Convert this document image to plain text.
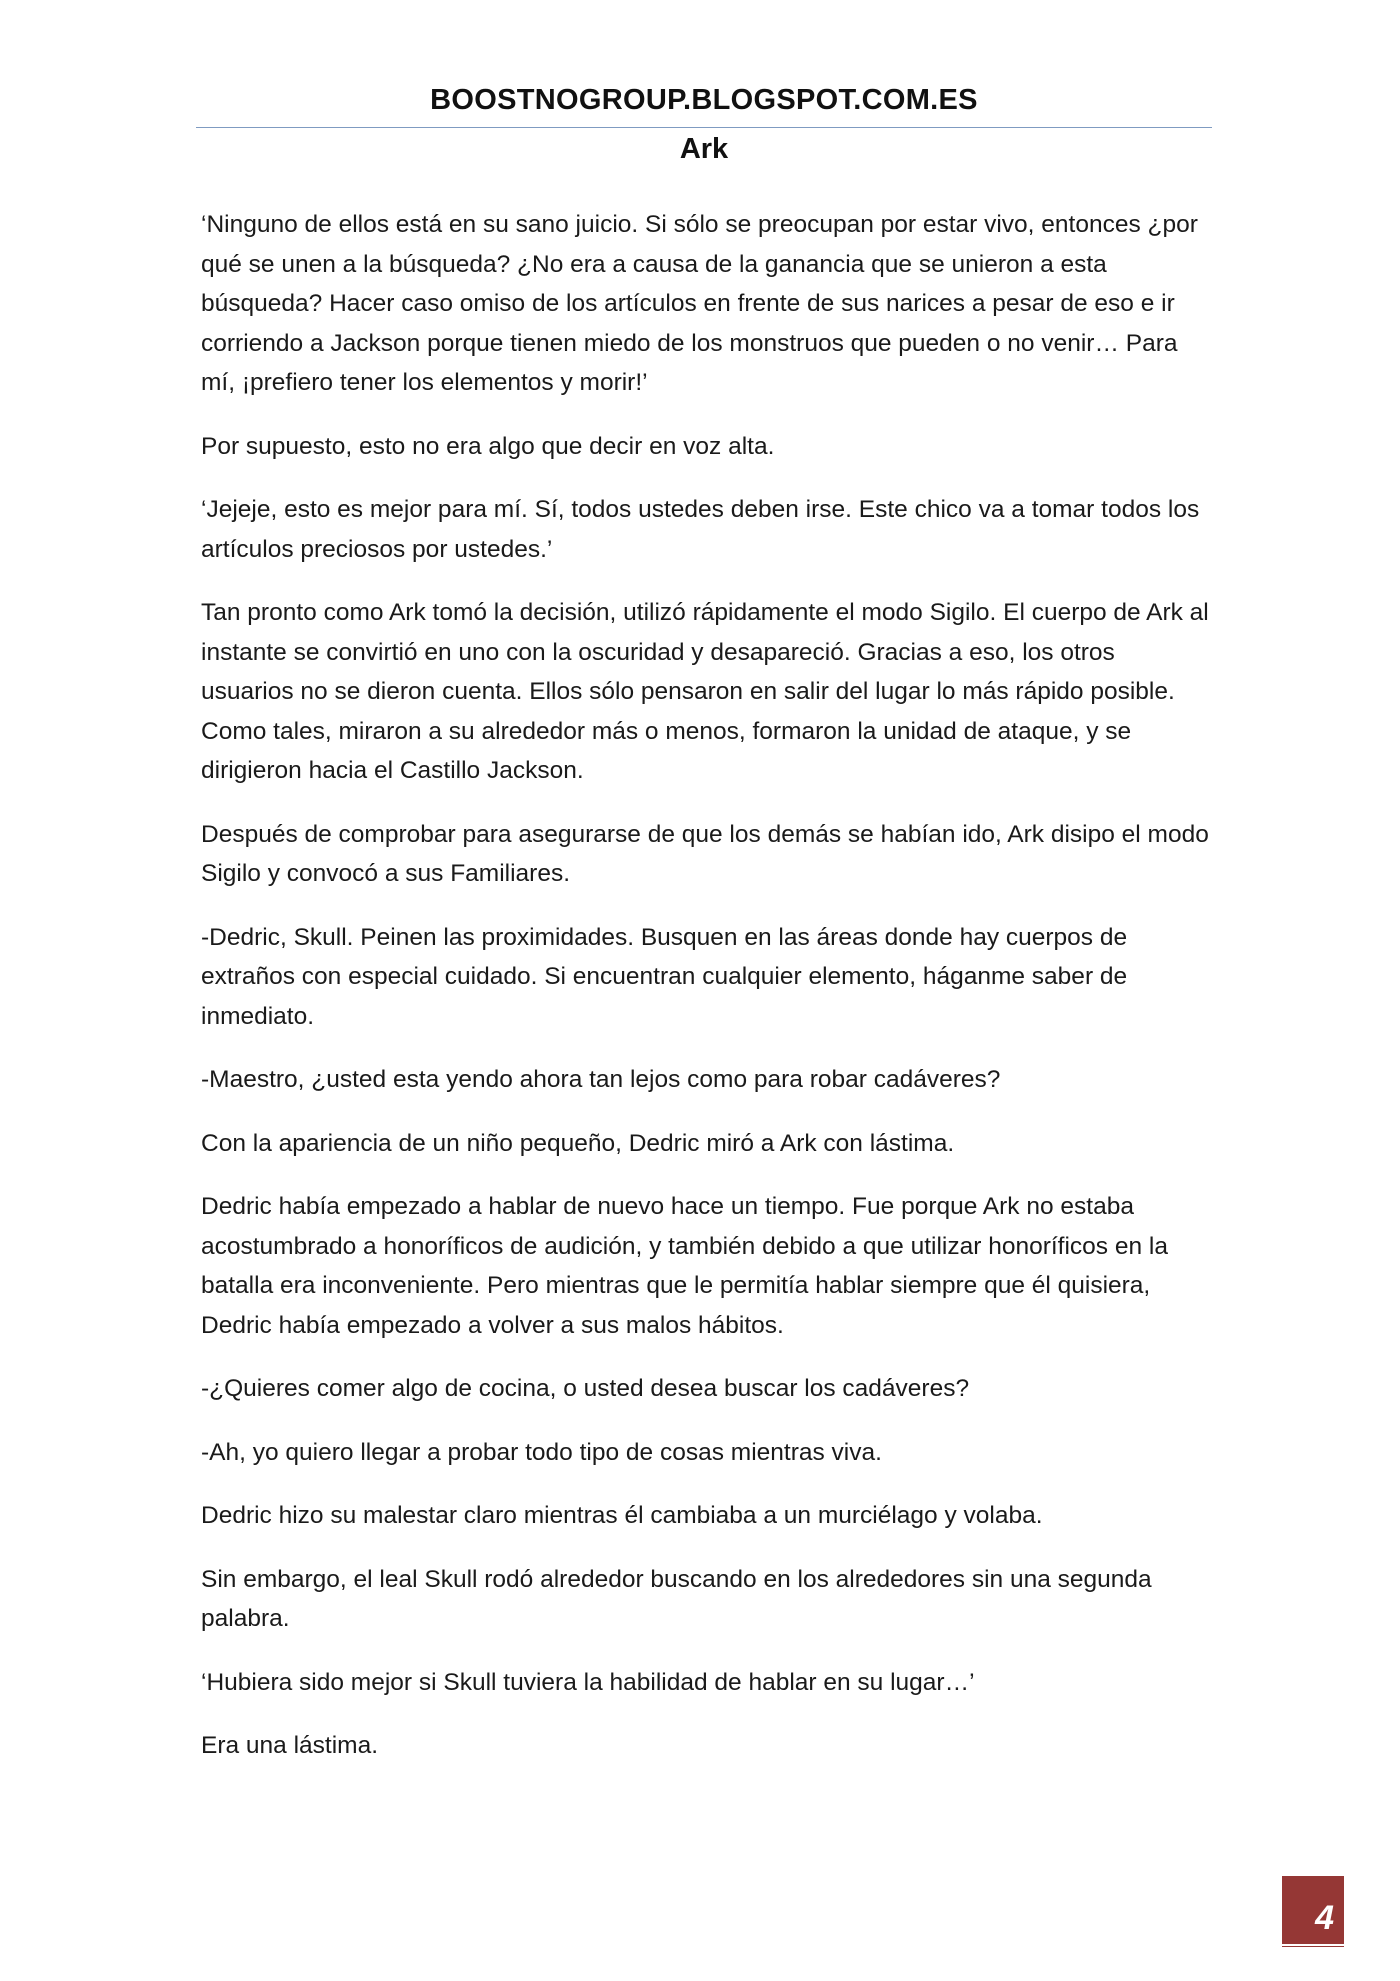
BOOSTNOGROUP.BLOGSPOT.COM.ES
Ark

‘Ninguno de ellos está en su sano juicio. Si sólo se preocupan por estar vivo, entonces ¿por qué se unen a la búsqueda? ¿No era a causa de la ganancia que se unieron a esta búsqueda? Hacer caso omiso de los artículos en frente de sus narices a pesar de eso e ir corriendo a Jackson porque tienen miedo de los monstruos que pueden o no venir… Para mí, ¡prefiero tener los elementos y morir!’

Por supuesto, esto no era algo que decir en voz alta.

‘Jejeje, esto es mejor para mí. Sí, todos ustedes deben irse. Este chico va a tomar todos los artículos preciosos por ustedes.’

Tan pronto como Ark tomó la decisión, utilizó rápidamente el modo Sigilo. El cuerpo de Ark al instante se convirtió en uno con la oscuridad y desapareció. Gracias a eso, los otros usuarios no se dieron cuenta. Ellos sólo pensaron en salir del lugar lo más rápido posible. Como tales, miraron a su alrededor más o menos, formaron la unidad de ataque, y se dirigieron hacia el Castillo Jackson.

Después de comprobar para asegurarse de que los demás se habían ido, Ark disipo el modo Sigilo y convocó a sus Familiares.

-Dedric, Skull. Peinen las proximidades. Busquen en las áreas donde hay cuerpos de extraños con especial cuidado. Si encuentran cualquier elemento, háganme saber de inmediato.

-Maestro, ¿usted esta yendo ahora tan lejos como para robar cadáveres?

Con la apariencia de un niño pequeño, Dedric miró a Ark con lástima.

Dedric había empezado a hablar de nuevo hace un tiempo. Fue porque Ark no estaba acostumbrado a honoríficos de audición, y también debido a que utilizar honoríficos en la batalla era inconveniente. Pero mientras que le permitía hablar siempre que él quisiera, Dedric había empezado a volver a sus malos hábitos.

-¿Quieres comer algo de cocina, o usted desea buscar los cadáveres?

-Ah, yo quiero llegar a probar todo tipo de cosas mientras viva.

Dedric hizo su malestar claro mientras él cambiaba a un murciélago y volaba.

Sin embargo, el leal Skull rodó alrededor buscando en los alrededores sin una segunda palabra.

‘Hubiera sido mejor si Skull tuviera la habilidad de hablar en su lugar…’

Era una lástima.

4
